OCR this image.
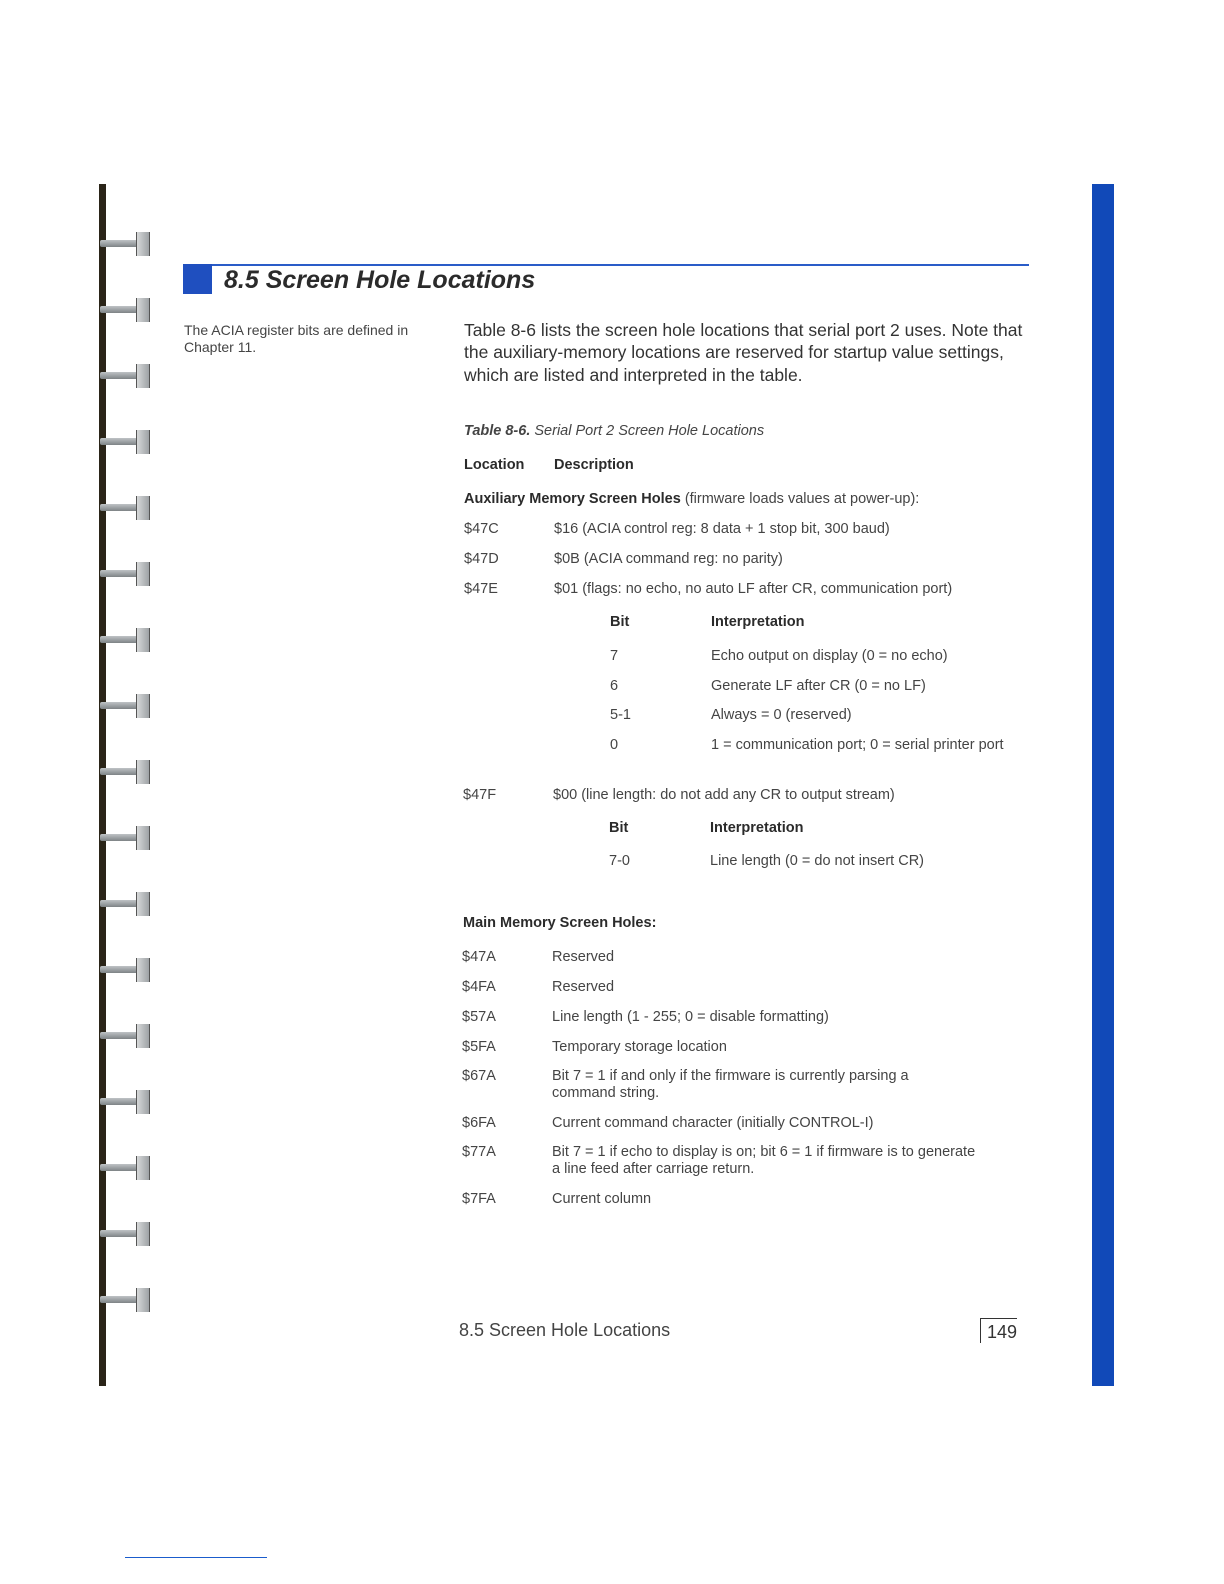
8.5 Screen Hole Locations
The ACIA register bits are defined in Chapter 11.
Table 8-6 lists the screen hole locations that serial port 2 uses. Note that the auxiliary-memory locations are reserved for startup value settings, which are listed and interpreted in the table.
Table 8-6. Serial Port 2 Screen Hole Locations
Location Description
Auxiliary Memory Screen Holes (firmware loads values at power-up):
$47C	$16 (ACIA control reg: 8 data + 1 stop bit, 300 baud)
$47D	$0B (ACIA command reg: no parity)
$47E	$01 (flags: no echo, no auto LF after CR, communication port)
Bit	Interpretation
7	Echo output on display (0 = no echo)
6	Generate LF after CR (0 = no LF)
5-1	Always = 0 (reserved)
0	1 = communication port; 0 = serial printer port
$47F	$00 (line length: do not add any CR to output stream)
Bit	Interpretation
7-0	Line length (0 = do not insert CR)
Main Memory Screen Holes:
$47A	Reserved
$4FA	Reserved
$57A	Line length (1 - 255; 0 = disable formatting)
$5FA	Temporary storage location
$67A	Bit 7 = 1 if and only if the firmware is currently parsing a command string.
$6FA	Current command character (initially CONTROL-I)
$77A	Bit 7 = 1 if echo to display is on; bit 6 = 1 if firmware is to generate a line feed after carriage return.
$7FA	Current column
8.5 Screen Hole Locations	149
